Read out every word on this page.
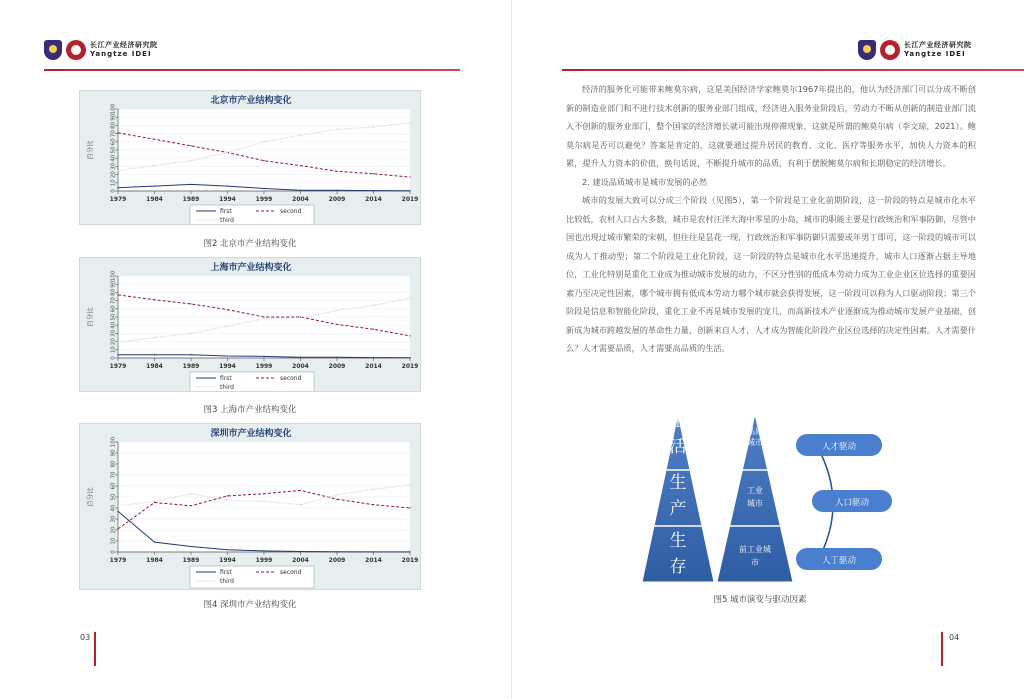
长江产业经济研究院
Yangtze IDEI
北京市产业结构变化
0
10
20
30
40
50
60
70
80
90
100
百分比
1979	1984	1989	1994	1999	2004	2009	2014	2019
first	second
third
图2 北京市产业结构变化
上海市产业结构变化
0
10
20
30
40
50
60
70
80
90
100
百分比
1979	1984	1989	1994	1999	2004	2009	2014	2019
first	second
third
图3 上海市产业结构变化
深圳市产业结构变化
0
10
20
30
40
50
60
70
80
90
100
百分比
1979	1984	1989	1994	1999	2004	2009	2014	2019
first	second
third
图4 深圳市产业结构变化
03
长江产业经济研究院
Yangtze IDEI
04

经济的服务化可能带来鲍莫尔病，这是美国经济学家鲍莫尔1967年提出的，他认为经济部门可以分成不断创新的制造业部门和不进行技术创新的服务业部门组成，经济进入服务业阶段后，劳动力不断从创新的制造业部门流入不创新的服务业部门，整个国家的经济增长就可能出现停滞现象，这就是所谓的鲍莫尔病（李文琼，2021）。鲍莫尔病是否可以避免？答案是肯定的，这就要通过提升居民的教育、文化、医疗等服务水平，加快人力资本的积累，提升人力资本的价值，换句话说，不断提升城市的品质，有利于摆脱鲍莫尔病和长期稳定的经济增长。

2. 建设品质城市是城市发展的必然

城市的发展大致可以分成三个阶段（见图5），第一个阶段是工业化前期阶段，这一阶段的特点是城市化水平比较低，农村人口占大多数，城市是农村汪洋大海中零星的小岛，城市的职能主要是行政统治和军事防御，尽管中国也出现过城市繁荣的宋朝，但往往是昙花一现，行政统治和军事防御只需要或年男丁即可，这一阶段的城市可以成为人丁推动型；第二个阶段是工业化阶段，这一阶段的特点是城市化水平迅速提升，城市人口逐渐占据主导地位，工业化特别是重化工业成为推动城市发展的动力，不区分性别的低成本劳动力成为工业企业区位选择的重要因素乃至决定性因素，哪个城市拥有低成本劳动力哪个城市就会获得发展，这一阶段可以称为人口驱动阶段；第三个阶段是信息和智能化阶段，重化工业不再是城市发展的宠儿，而高新技术产业逐渐成为推动城市发展产业基础，创新成为城市跨越发展的革命性力量，创新来自人才，人才成为智能化阶段产业区位选择的决定性因素。人才需要什么？人才需要品质，人才需要高品质的生活。

生
活
生
产
生
存
品质
城市
工业
城市
前工业城
市
人才驱动
人口驱动
人丁驱动
图5 城市演变与驱动因素
